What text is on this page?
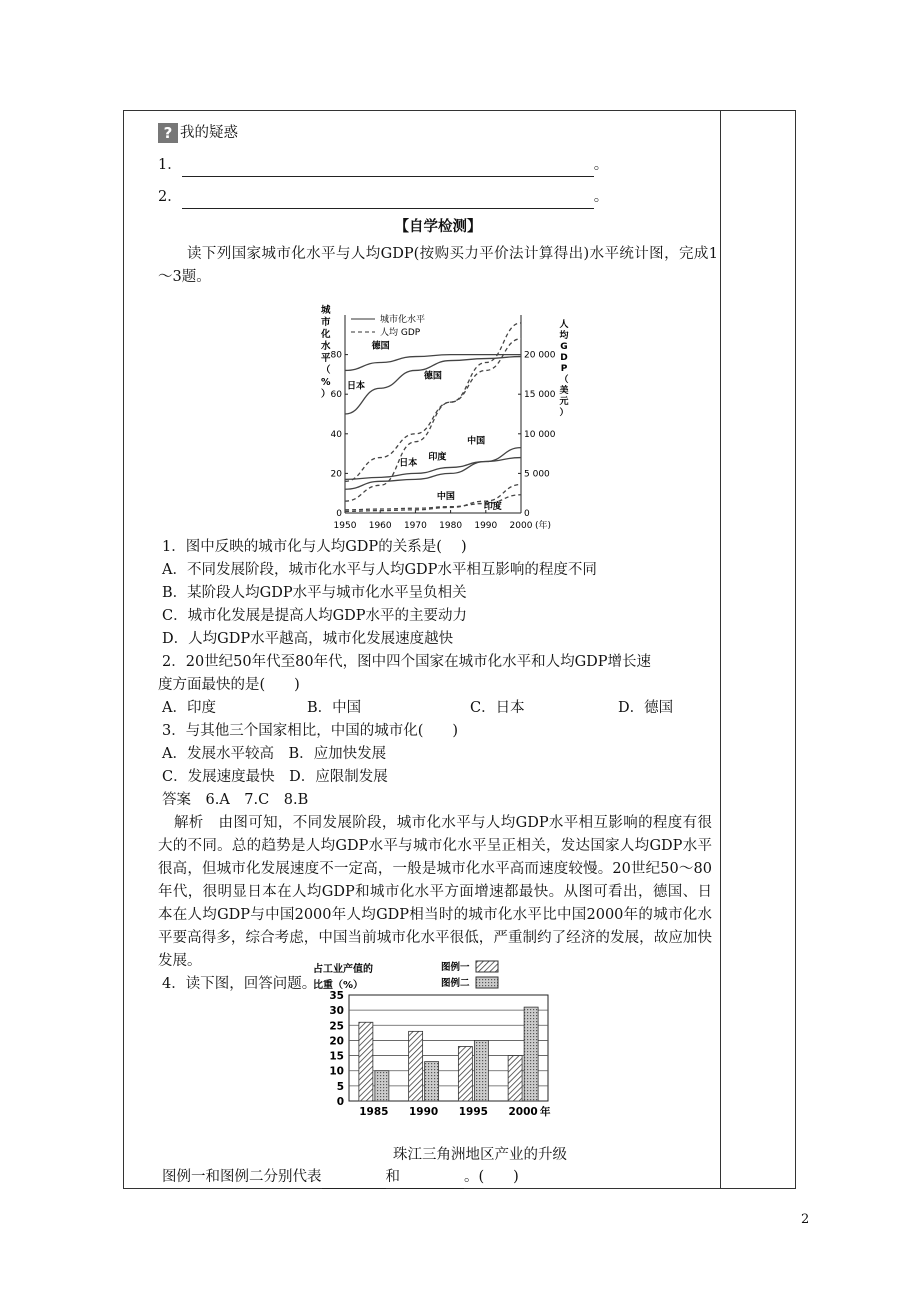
? 我的疑惑
1．	。
2．	。
【自学检测】
读下列国家城市化水平与人均GDP(按购买力平价法计算得出)水平统计图，完成1～3题。
1950 1960 1970 1980 1990 2000 (年)
20
40
60
80
0	0
5 000
10 000
15 000
20 000
城
市
化
水
平
（
%
）
人
均
G
D
P
（
美
元
）
城市化水平
人均 GDP
德国
日本
德国
日本
印度
中国
中国
印度
1．图中反映的城市化与人均GDP的关系是(　 )
A．不同发展阶段，城市化水平与人均GDP水平相互影响的程度不同
B．某阶段人均GDP水平与城市化水平呈负相关
C．城市化发展是提高人均GDP水平的主要动力
D．人均GDP水平越高，城市化发展速度越快
2．20世纪50年代至80年代，图中四个国家在城市化水平和人均GDP增长速
度方面最快的是(　　)
A．印度	B．中国	C．日本	D．德国
3．与其他三个国家相比，中国的城市化(　　)
A．发展水平较高　B．应加快发展
C．发展速度最快　D．应限制发展
答案　6.A　7.C　8.B
解析　由图可知，不同发展阶段，城市化水平与人均GDP水平相互影响的程度有很大的不同。总的趋势是人均GDP水平与城市化水平呈正相关，发达国家人均GDP水平很高，但城市化发展速度不一定高，一般是城市化水平高而速度较慢。20世纪50～80年代，很明显日本在人均GDP和城市化水平方面增速都最快。从图可看出，德国、日本在人均GDP与中国2000年人均GDP相当时的城市化水平比中国2000年的城市化水平要高得多，综合考虑，中国当前城市化水平很低，严重制约了经济的发展，故应加快发展。
4．读下图，回答问题。
占工业产值的
比重（%）
图例一
图例二
0
5
10
15
20
25
30
35
1985 1990 1995 2000 年
珠江三角洲地区产业的升级
图例一和图例二分别代表	和	。(　　)
2
